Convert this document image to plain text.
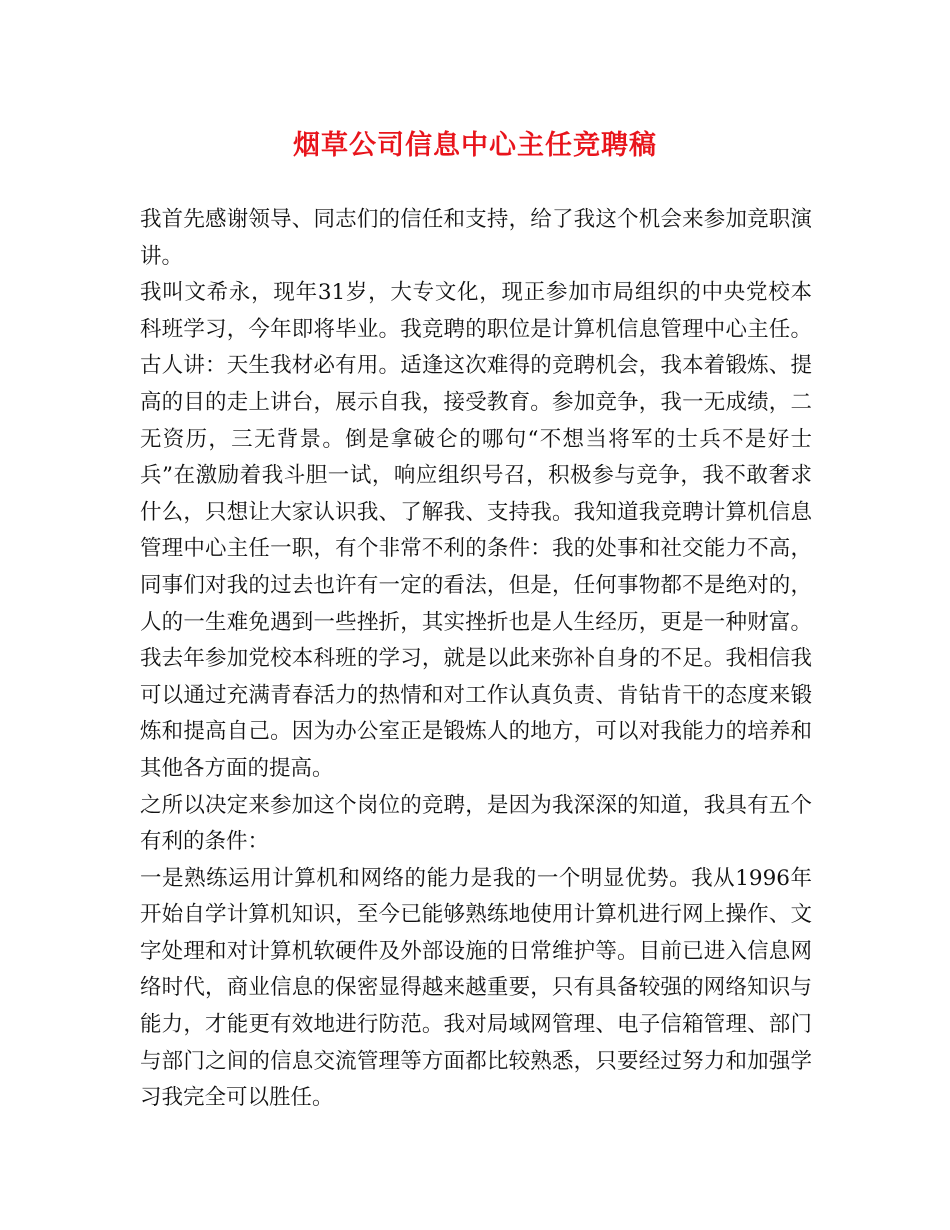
烟草公司信息中心主任竞聘稿

我首先感谢领导、同志们的信任和支持，给了我这个机会来参加竞职演讲。

我叫文希永，现年31岁，大专文化，现正参加市局组织的中央党校本科班学习，今年即将毕业。我竞聘的职位是计算机信息管理中心主任。古人讲：天生我材必有用。适逢这次难得的竞聘机会，我本着锻炼、提高的目的走上讲台，展示自我，接受教育。参加竞争，我一无成绩，二无资历，三无背景。倒是拿破仑的哪句“不想当将军的士兵不是好士兵”在激励着我斗胆一试，响应组织号召，积极参与竞争，我不敢奢求什么，只想让大家认识我、了解我、支持我。我知道我竞聘计算机信息管理中心主任一职，有个非常不利的条件：我的处事和社交能力不高，同事们对我的过去也许有一定的看法，但是，任何事物都不是绝对的，人的一生难免遇到一些挫折，其实挫折也是人生经历，更是一种财富。我去年参加党校本科班的学习，就是以此来弥补自身的不足。我相信我可以通过充满青春活力的热情和对工作认真负责、肯钻肯干的态度来锻炼和提高自己。因为办公室正是锻炼人的地方，可以对我能力的培养和其他各方面的提高。

之所以决定来参加这个岗位的竞聘，是因为我深深的知道，我具有五个有利的条件：

一是熟练运用计算机和网络的能力是我的一个明显优势。我从1996年开始自学计算机知识，至今已能够熟练地使用计算机进行网上操作、文字处理和对计算机软硬件及外部设施的日常维护等。目前已进入信息网络时代，商业信息的保密显得越来越重要，只有具备较强的网络知识与能力，才能更有效地进行防范。我对局域网管理、电子信箱管理、部门与部门之间的信息交流管理等方面都比较熟悉，只要经过努力和加强学习我完全可以胜任。
